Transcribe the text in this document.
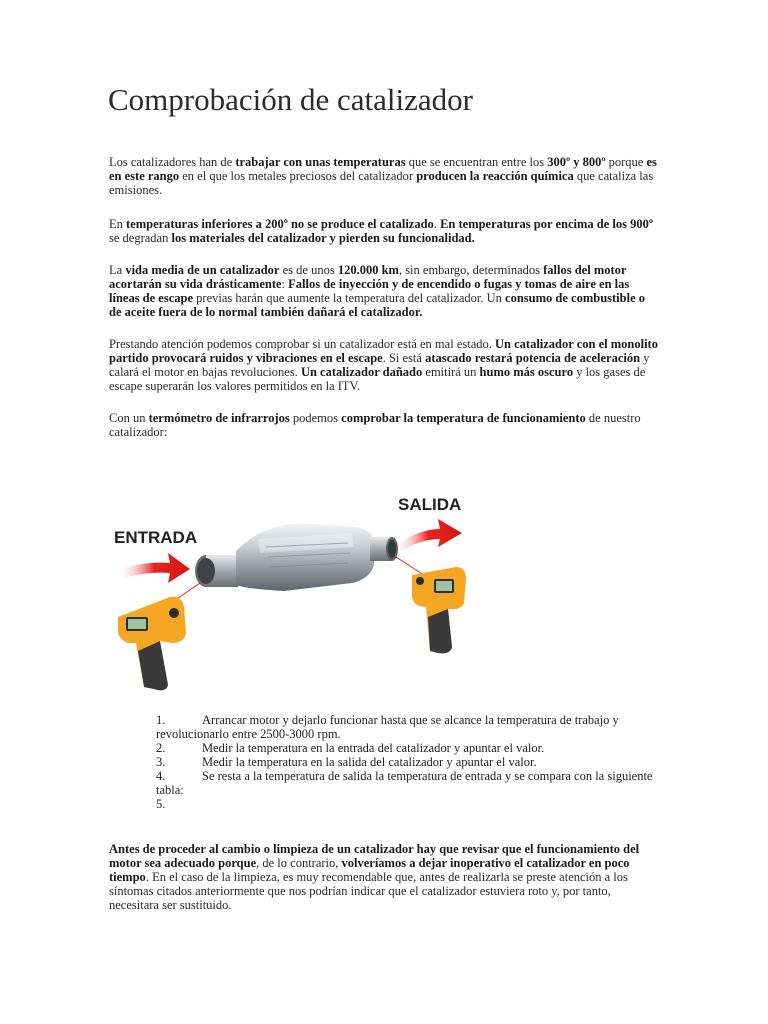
Comprobación de catalizador

Los catalizadores han de trabajar con unas temperaturas que se encuentran entre los 300º y 800º porque es en este rango en el que los metales preciosos del catalizador producen la reacción química que cataliza las emisiones.

En temperaturas inferiores a 200º no se produce el catalizado. En temperaturas por encima de los 900º se degradan los materiales del catalizador y pierden su funcionalidad.

La vida media de un catalizador es de unos 120.000 km, sin embargo, determinados fallos del motor acortarán su vida drásticamente: Fallos de inyección y de encendido o fugas y tomas de aire en las líneas de escape previas harán que aumente la temperatura del catalizador. Un consumo de combustible o de aceite fuera de lo normal también dañará el catalizador.

Prestando atención podemos comprobar si un catalizador está en mal estado. Un catalizador con el monolito partido provocará ruidos y vibraciones en el escape. Si está atascado restará potencia de aceleración y calará el motor en bajas revoluciones. Un catalizador dañado emitirá un humo más oscuro y los gases de escape superarán los valores permitidos en la ITV.

Con un termómetro de infrarrojos podemos comprobar la temperatura de funcionamiento de nuestro catalizador:

ENTRADA
SALIDA
1.	Arrancar motor y dejarlo funcionar hasta que se alcance la temperatura de trabajo y revolucionarlo entre 2500-3000 rpm.
2.	Medir la temperatura en la entrada del catalizador y apuntar el valor.
3.	Medir la temperatura en la salida del catalizador y apuntar el valor.
4.	Se resta a la temperatura de salida la temperatura de entrada y se compara con la siguiente tabla:
5.

Antes de proceder al cambio o limpieza de un catalizador hay que revisar que el funcionamiento del motor sea adecuado porque, de lo contrario, volveríamos a dejar inoperativo el catalizador en poco tiempo. En el caso de la limpieza, es muy recomendable que, antes de realizarla se preste atención a los síntomas citados anteriormente que nos podrían indicar que el catalizador estuviera roto y, por tanto, necesitara ser sustituido.
